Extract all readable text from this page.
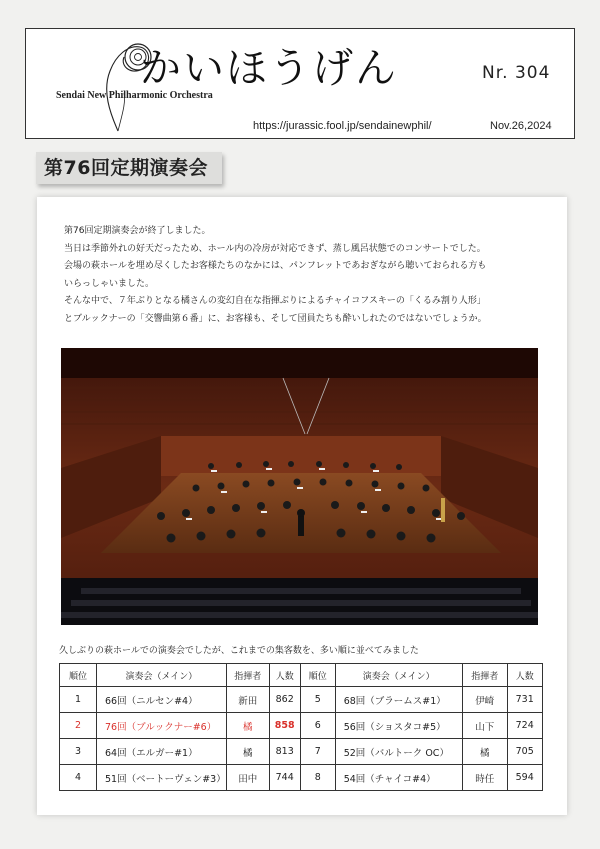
かいほうげん	Nr. 304
Sendai New Philharmonic Orchestra
https://jurassic.fool.jp/sendainewphil/	Nov.26,2024
第76回定期演奏会

第76回定期演奏会が終了しました。

当日は季節外れの好天だったため、ホール内の冷房が対応できず、蒸し風呂状態でのコンサートでした。

会場の萩ホールを埋め尽くしたお客様たちのなかには、パンフレットであおぎながら聴いておられる方も

いらっしゃいました。

そんな中で、７年ぶりとなる橘さんの変幻自在な指揮ぶりによるチャイコフスキーの「くるみ割り人形」

とブルックナーの「交響曲第６番」に、お客様も、そして団員たちも酔いしれたのではないでしょうか。

久しぶりの萩ホールでの演奏会でしたが、これまでの集客数を、多い順に並べてみました
順位	演奏会（メイン）	指揮者	人数	順位	演奏会（メイン）	指揮者	人数
1	66回（ニルセン#4）	新田	862	5	68回（ブラームス#1）	伊崎	731
2	76回（ブルックナー#6）	橘	858	6	56回（ショスタコ#5）	山下	724
3	64回（エルガー#1）	橘	813	7	52回（バルトーク OC）	橘	705
4	51回（ベートーヴェン#3）	田中	744	8	54回（チャイコ#4）	時任	594
